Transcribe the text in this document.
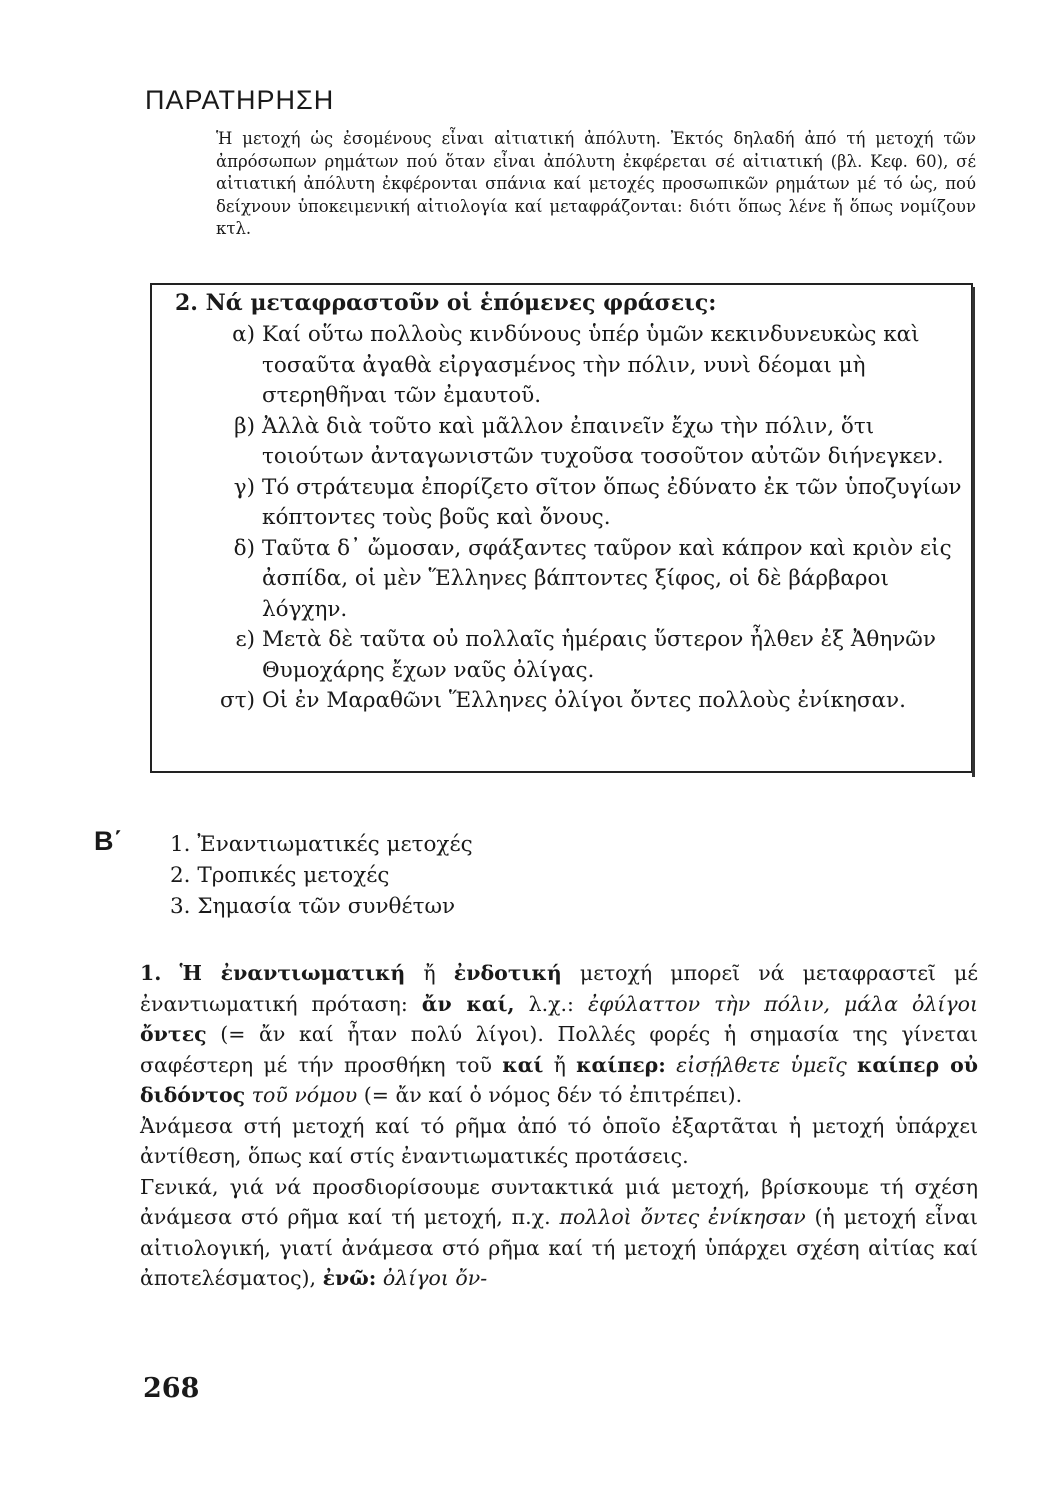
ΠΑΡΑΤΗΡΗΣΗ

Ἡ μετοχή ὡς ἐσομένους εἶναι αἰτιατική ἀπόλυτη. Ἐκτός δηλαδή ἀπό τή μετοχή τῶν ἀπρόσωπων ρημάτων πού ὅταν εἶναι ἀπόλυτη ἐκφέρεται σέ αἰτιατική (βλ. Κεφ. 60), σέ αἰτιατική ἀπόλυτη ἐκφέρονται σπάνια καί μετοχές προσωπικῶν ρημάτων μέ τό ὡς, πού δείχνουν ὑποκειμενική αἰτιολογία καί μεταφράζονται: διότι ὅπως λένε ἤ ὅπως νομίζουν κτλ.

2. Νά μεταφραστοῦν οἱ ἑπόμενες φράσεις:
α) Καί οὕτω πολλοὺς κινδύνους ὑπέρ ὑμῶν κεκινδυνευκὼς καὶ τοσαῦτα ἀγαθὰ εἰργασμένος τὴν πόλιν, νυνὶ δέομαι μὴ στερηθῆναι τῶν ἐμαυτοῦ.
β) Ἀλλὰ διὰ τοῦτο καὶ μᾶλλον ἐπαινεῖν ἔχω τὴν πόλιν, ὅτι τοιούτων ἀνταγωνιστῶν τυχοῦσα τοσοῦτον αὐτῶν διήνεγκεν.
γ) Τό στράτευμα ἐπορίζετο σῖτον ὅπως ἐδύνατο ἐκ τῶν ὑποζυγίων κόπτοντες τοὺς βοῦς καὶ ὄνους.
δ) Ταῦτα δ᾽ ὤμοσαν, σφάξαντες ταῦρον καὶ κάπρον καὶ κριὸν εἰς ἀσπίδα, οἱ μὲν Ἕλληνες βάπτοντες ξίφος, οἱ δὲ βάρβαροι λόγχην.
ε) Μετὰ δὲ ταῦτα οὐ πολλαῖς ἡμέραις ὕστερον ἦλθεν ἐξ Ἀθηνῶν Θυμοχάρης ἔχων ναῦς ὀλίγας.
στ) Οἱ ἐν Μαραθῶνι Ἕλληνες ὀλίγοι ὄντες πολλοὺς ἐνίκησαν.
Β΄ 1. Ἐναντιωματικές μετοχές
2. Τροπικές μετοχές
3. Σημασία τῶν συνθέτων

1. Ἡ ἐναντιωματική ἤ ἐνδοτική μετοχή μπορεῖ νά μεταφραστεῖ μέ ἐναντιωματική πρόταση: ἄν καί, λ.χ.: ἐφύλαττον τὴν πόλιν, μάλα ὀλίγοι ὄντες (= ἄν καί ἦταν πολύ λίγοι). Πολλές φορές ἡ σημασία της γίνεται σαφέστερη μέ τήν προσθήκη τοῦ καί ἤ καίπερ: εἰσῄλθετε ὑμεῖς καίπερ οὐ διδόντος τοῦ νόμου (= ἄν καί ὁ νόμος δέν τό ἐπιτρέπει).

Ἀνάμεσα στή μετοχή καί τό ρῆμα ἀπό τό ὁποῖο ἐξαρτᾶται ἡ μετοχή ὑπάρχει ἀντίθεση, ὅπως καί στίς ἐναντιωματικές προτάσεις.

Γενικά, γιά νά προσδιορίσουμε συντακτικά μιά μετοχή, βρίσκουμε τή σχέση ἀνάμεσα στό ρῆμα καί τή μετοχή, π.χ. πολλοὶ ὄντες ἐνίκησαν (ἡ μετοχή εἶναι αἰτιολογική, γιατί ἀνάμεσα στό ρῆμα καί τή μετοχή ὑπάρχει σχέση αἰτίας καί ἀποτελέσματος), ἐνῶ: ὀλίγοι ὄν-

268
